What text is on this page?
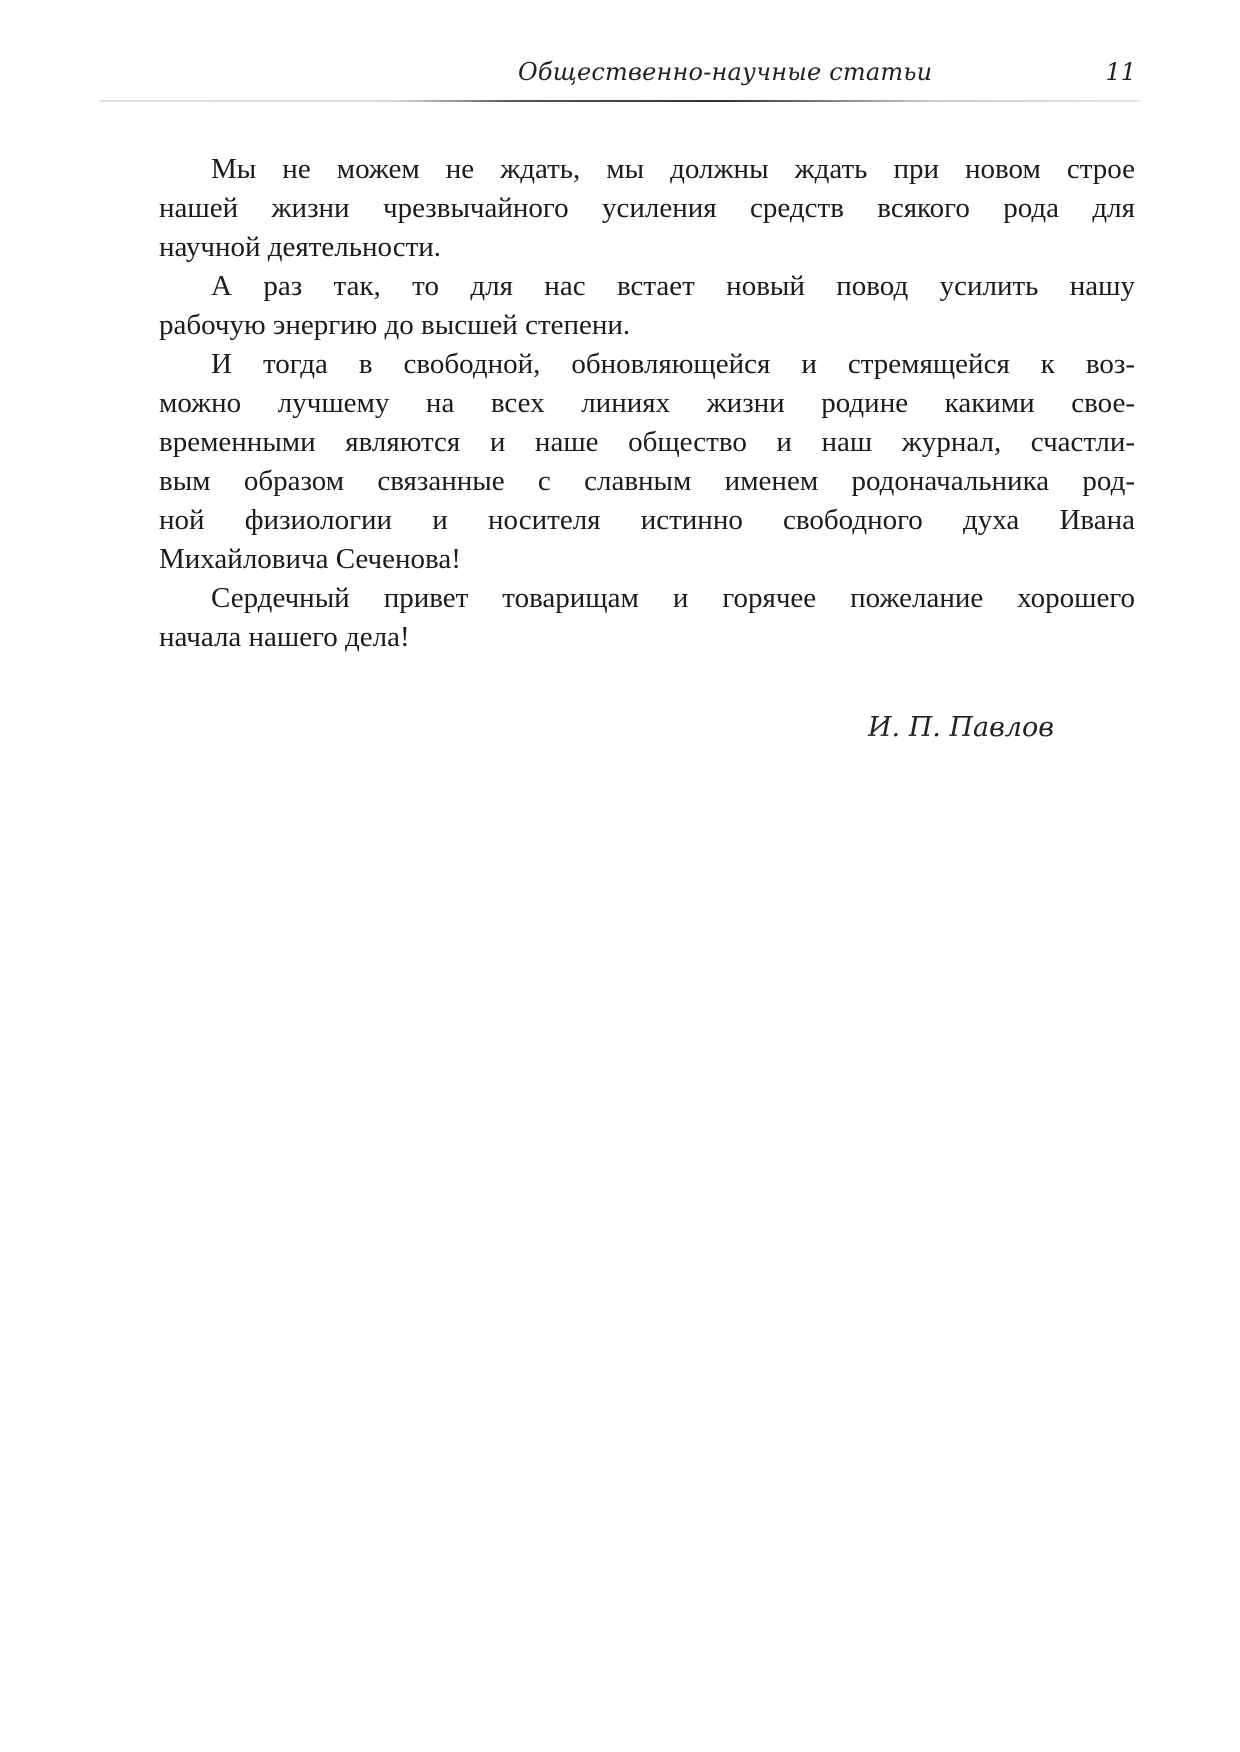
Общественно-научные статьи	11
Мы не можем не ждать, мы должны ждать при новом строе
нашей жизни чрезвычайного усиления средств всякого рода для
научной деятельности.
А раз так, то для нас встает новый повод усилить нашу
рабочую энергию до высшей степени.
И тогда в свободной, обновляющейся и стремящейся к воз-
можно лучшему на всех линиях жизни родине какими свое-
временными являются и наше общество и наш журнал, счастли-
вым образом связанные с славным именем родоначальника род-
ной физиологии и носителя истинно свободного духа Ивана
Михайловича Сеченова!
Сердечный привет товарищам и горячее пожелание хорошего
начала нашего дела!
И. П. Павлов
